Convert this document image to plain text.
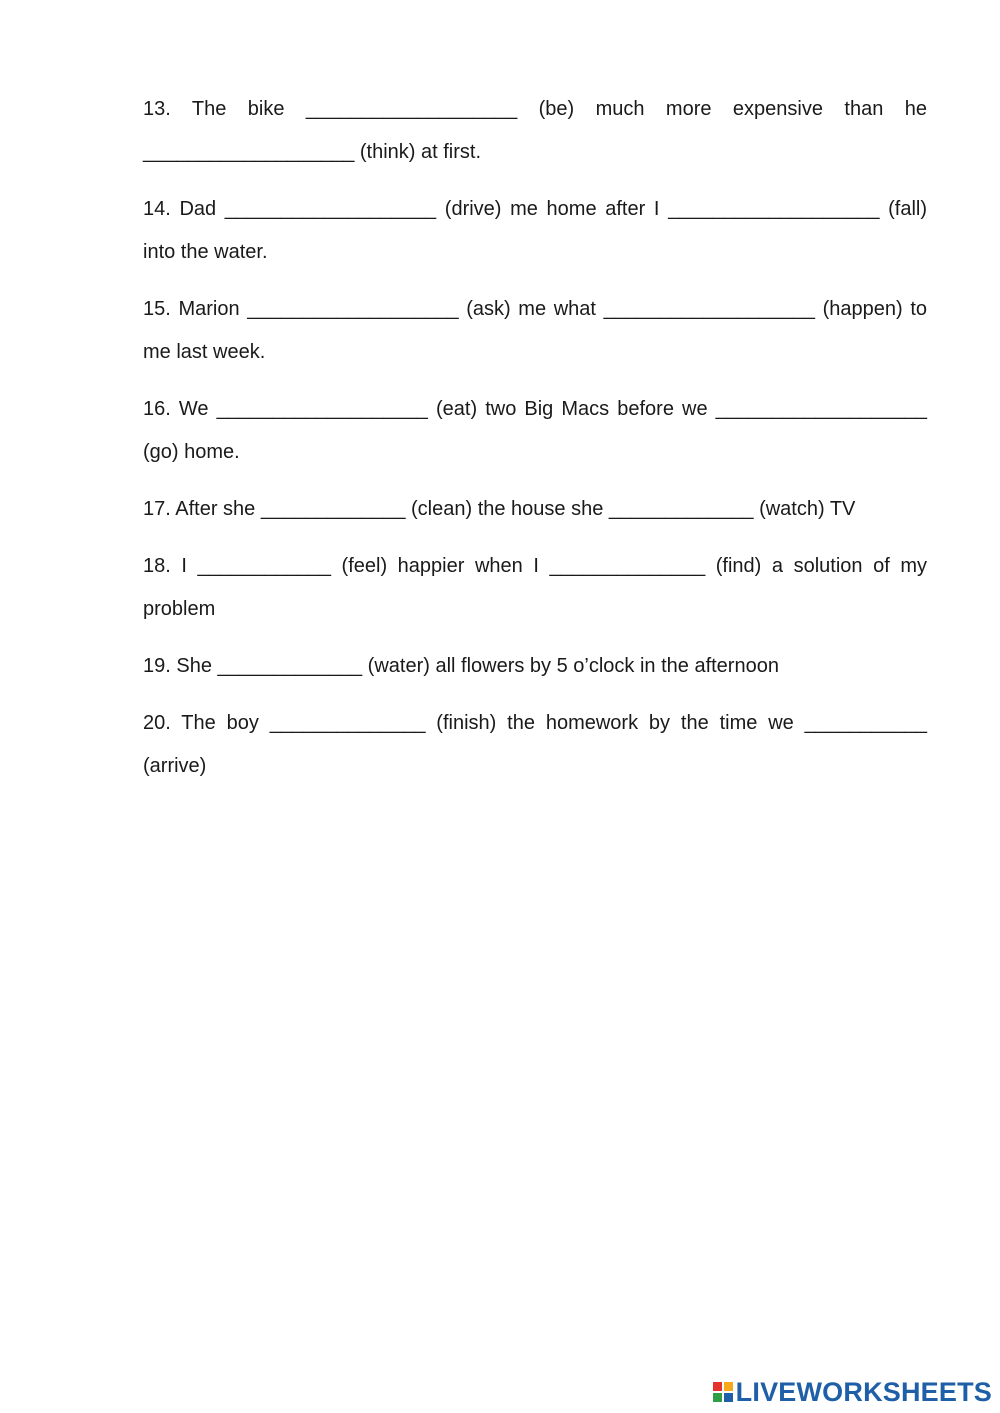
13. The bike ___________________ (be) much more expensive than he ___________________ (think) at first.

14. Dad ___________________ (drive) me home after I ___________________ (fall) into the water.

15. Marion ___________________ (ask) me what ___________________ (happen) to me last week.

16. We ___________________ (eat) two Big Macs before we ___________________ (go) home.

17. After she _____________ (clean) the house she _____________ (watch) TV

18. I ____________ (feel) happier when I ______________ (find) a solution of my problem

19. She _____________ (water) all flowers by 5 o’clock in the afternoon

20. The boy ______________ (finish) the homework by the time we ___________ (arrive)

LIVEWORKSHEETS
